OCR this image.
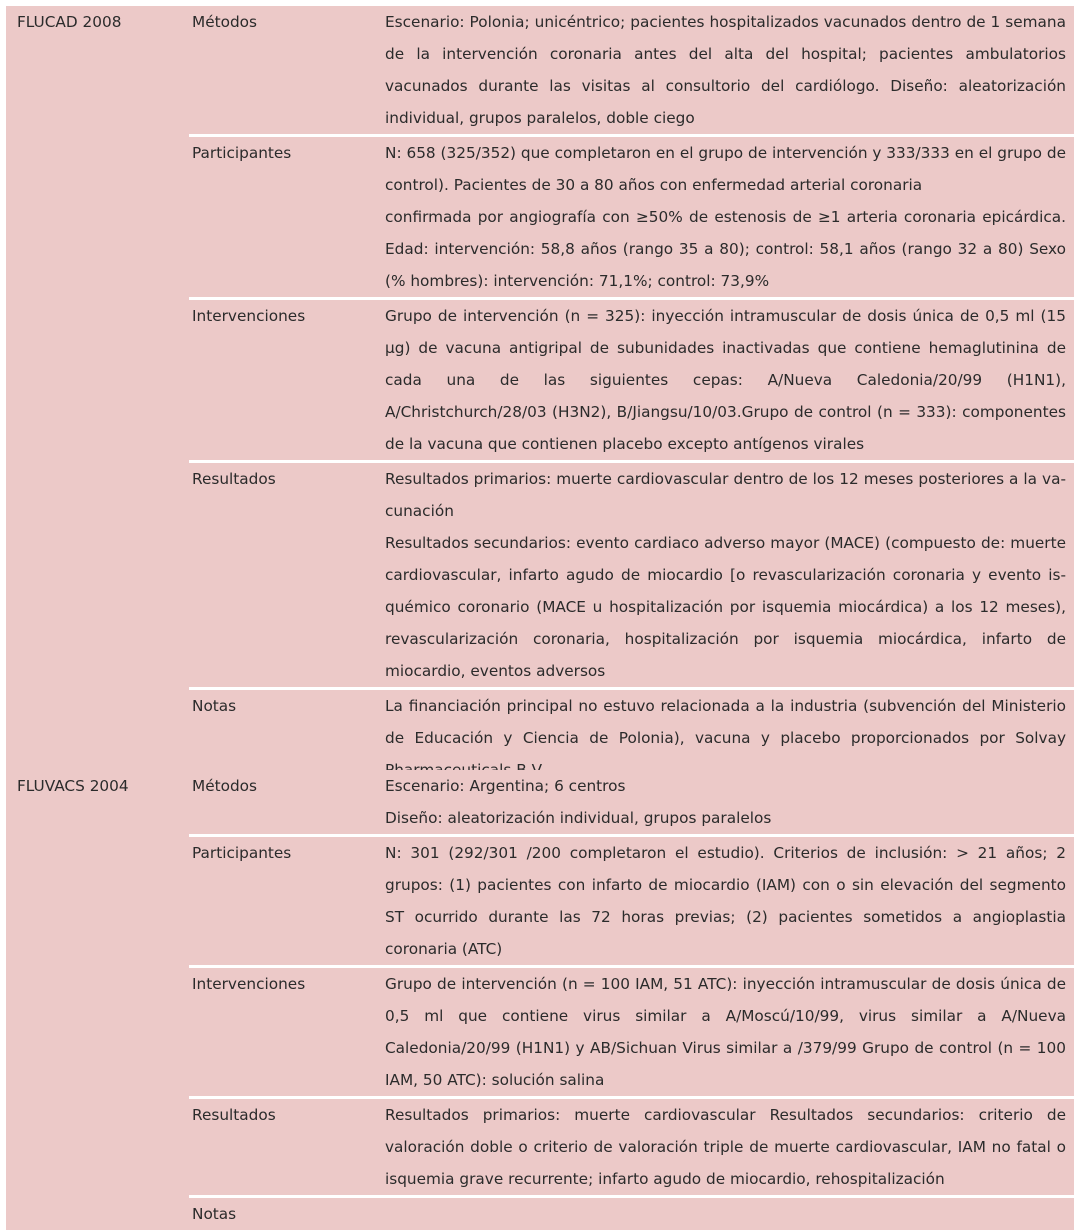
FLUCAD 2008	Métodos	Escenario: Polonia; unicéntrico; pacientes hospitalizados vacunados dentro de 1 semana de la intervención coronaria antes del alta del hospital; pacientes ambulatorios vacunados durante las visitas al consultorio del cardiólogo. Diseño: aleatorización individual, grupos paralelos, doble ciego

	Participantes	N: 658 (325/352) que completaron en el grupo de intervención y 333/333 en el grupo de control). Pacientes de 30 a 80 años con enfermedad arterial coronaria
confirmada por angiografía con ≥50% de estenosis de ≥1 arteria coronaria epicárdica. Edad: intervención: 58,8 años (rango 35 a 80); control: 58,1 años (rango 32 a 80) Sexo (% hombres): intervención: 71,1%; control: 73,9%

	Intervenciones	Grupo de intervención (n = 325): inyección intramuscular de dosis única de 0,5 ml (15 µg) de vacuna antigripal de subunidades inactivadas que contiene hemaglutinina de cada una de las siguientes cepas: A/Nueva Caledonia/20/99 (H1N1), A/Christchurch/28/03 (H3N2), B/Jiangsu/10/03.Grupo de control (n = 333): componentes de la vacuna que contienen placebo excepto antígenos virales

	Resultados	Resultados primarios: muerte cardiovascular dentro de los 12 meses posteriores a la vacunación
Resultados secundarios: evento cardiaco adverso mayor (MACE) (compuesto de: muerte cardiovascular, infarto agudo de miocardio [o revascularización coronaria y evento isquémico coronario (MACE u hospitalización por isquemia miocárdica) a los 12 meses), revascularización coronaria, hospitalización por isquemia miocárdica, infarto de miocardio, eventos adversos

	Notas	La financiación principal no estuvo relacionada a la industria (subvención del Ministerio de Educación y Ciencia de Polonia), vacuna y placebo proporcionados por Solvay
FLUVACS 2004	Métodos	Escenario: Argentina; 6 centros
Diseño: aleatorización individual, grupos paralelos

	Participantes	N: 301 (292/301 /200 completaron el estudio). Criterios de inclusión: > 21 años; 2 grupos: (1) pacientes con infarto de miocardio (IAM) con o sin elevación del segmento ST ocurrido durante las 72 horas previas; (2) pacientes sometidos a angioplastia coronaria (ATC)

	Intervenciones	Grupo de intervención (n = 100 IAM, 51 ATC): inyección intramuscular de dosis única de 0,5 ml que contiene virus similar a A/Moscú/10/99, virus similar a A/Nueva Caledonia/20/99 (H1N1) y AB/Sichuan Virus similar a /379/99 Grupo de control (n = 100 IAM, 50 ATC): solución salina

	Resultados	Resultados primarios: muerte cardiovascular Resultados secundarios: criterio de valoración doble o criterio de valoración triple de muerte cardiovascular, IAM no fatal o isquemia grave recurrente; infarto agudo de miocardio, rehospitalización

	Notas	
